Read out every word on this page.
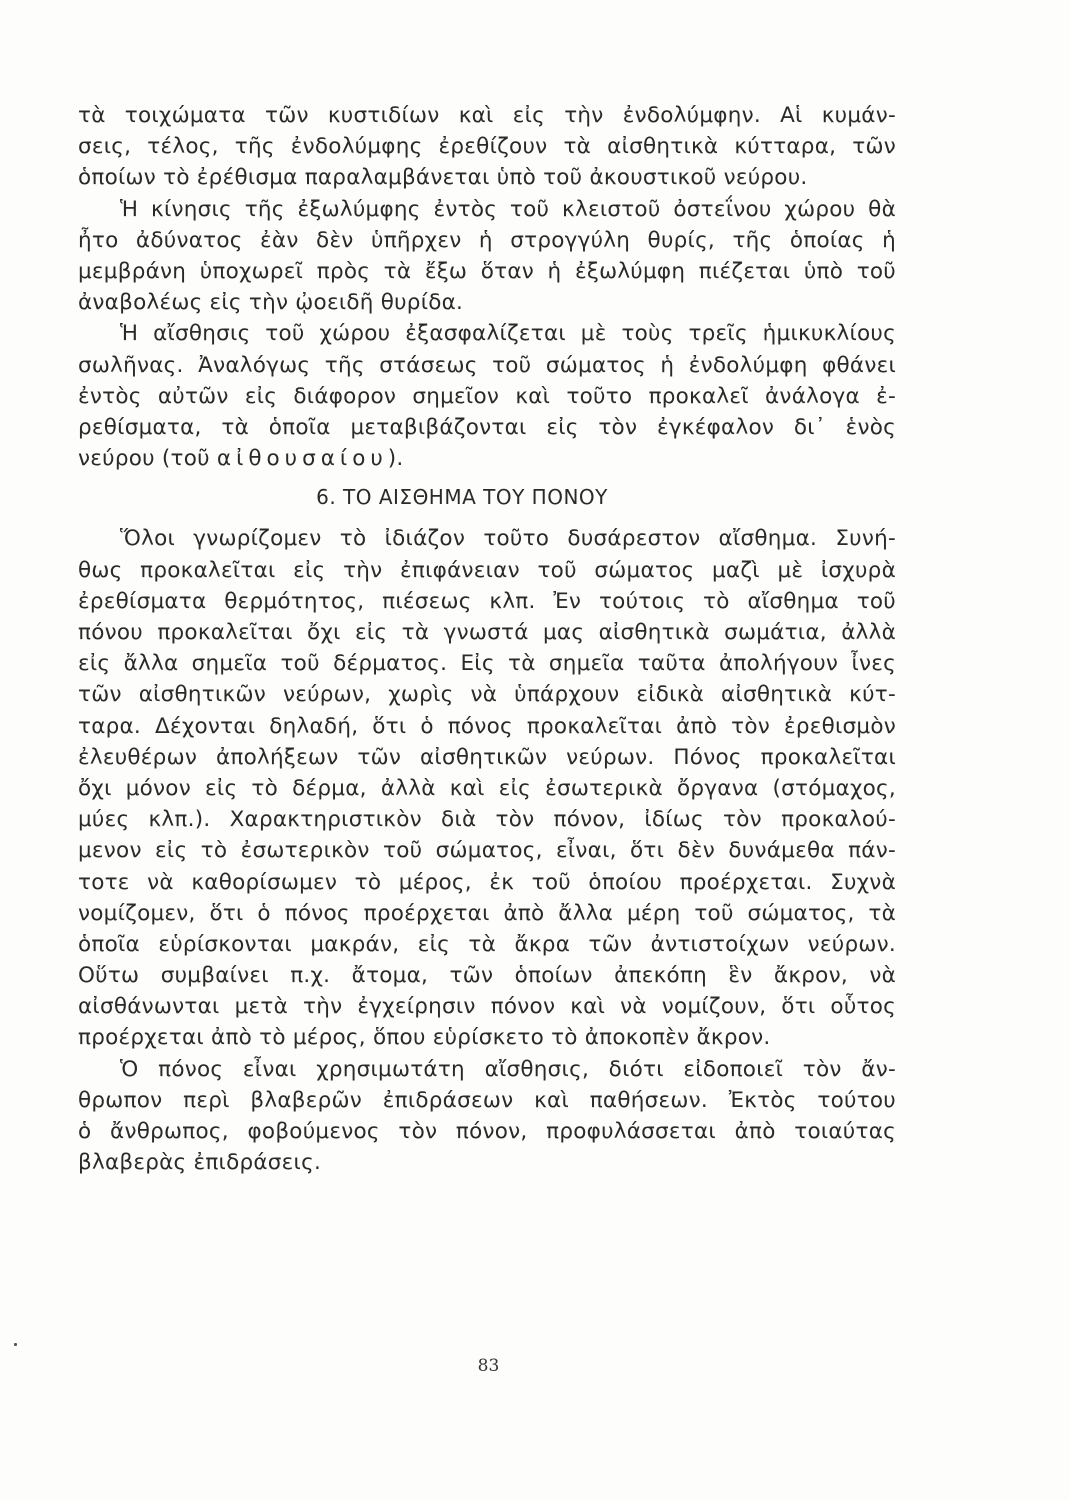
τὰ τοιχώματα τῶν κυστιδίων καὶ εἰς τὴν ἐνδολύμφην. Αἱ κυμάν-
σεις, τέλος, τῆς ἐνδολύμφης ἐρεθίζουν τὰ αἰσθητικὰ κύτταρα, τῶν
ὁποίων τὸ ἐρέθισμα παραλαμβάνεται ὑπὸ τοῦ ἀκουστικοῦ νεύρου.
Ἡ κίνησις τῆς ἐξωλύμφης ἐντὸς τοῦ κλειστοῦ ὀστεΐνου χώρου θὰ
ἦτο ἀδύνατος ἐὰν δὲν ὑπῆρχεν ἡ στρογγύλη θυρίς, τῆς ὁποίας ἡ
μεμβράνη ὑποχωρεῖ πρὸς τὰ ἔξω ὅταν ἡ ἐξωλύμφη πιέζεται ὑπὸ τοῦ
ἀναβολέως εἰς τὴν ᾠοειδῆ θυρίδα.
Ἡ αἴσθησις τοῦ χώρου ἐξασφαλίζεται μὲ τοὺς τρεῖς ἡμικυκλίους
σωλῆνας. Ἀναλόγως τῆς στάσεως τοῦ σώματος ἡ ἐνδολύμφη φθάνει
ἐντὸς αὐτῶν εἰς διάφορον σημεῖον καὶ τοῦτο προκαλεῖ ἀνάλογα ἐ-
ρεθίσματα, τὰ ὁποῖα μεταβιβάζονται εἰς τὸν ἐγκέφαλον δι᾽ ἑνὸς
νεύρου (τοῦ αἰθουσαίου).
6. ΤΟ ΑΙΣΘΗΜΑ ΤΟΥ ΠΟΝΟΥ
Ὅλοι γνωρίζομεν τὸ ἰδιάζον τοῦτο δυσάρεστον αἴσθημα. Συνή-
θως προκαλεῖται εἰς τὴν ἐπιφάνειαν τοῦ σώματος μαζὶ μὲ ἰσχυρὰ
ἐρεθίσματα θερμότητος, πιέσεως κλπ. Ἐν τούτοις τὸ αἴσθημα τοῦ
πόνου προκαλεῖται ὄχι εἰς τὰ γνωστά μας αἰσθητικὰ σωμάτια, ἀλλὰ
εἰς ἄλλα σημεῖα τοῦ δέρματος. Εἰς τὰ σημεῖα ταῦτα ἀπολήγουν ἶνες
τῶν αἰσθητικῶν νεύρων, χωρὶς νὰ ὑπάρχουν εἰδικὰ αἰσθητικὰ κύτ-
ταρα. Δέχονται δηλαδή, ὅτι ὁ πόνος προκαλεῖται ἀπὸ τὸν ἐρεθισμὸν
ἐλευθέρων ἀπολήξεων τῶν αἰσθητικῶν νεύρων. Πόνος προκαλεῖται
ὄχι μόνον εἰς τὸ δέρμα, ἀλλὰ καὶ εἰς ἐσωτερικὰ ὄργανα (στόμαχος,
μύες κλπ.). Χαρακτηριστικὸν διὰ τὸν πόνον, ἰδίως τὸν προκαλού-
μενον εἰς τὸ ἐσωτερικὸν τοῦ σώματος, εἶναι, ὅτι δὲν δυνάμεθα πάν-
τοτε νὰ καθορίσωμεν τὸ μέρος, ἐκ τοῦ ὁποίου προέρχεται. Συχνὰ
νομίζομεν, ὅτι ὁ πόνος προέρχεται ἀπὸ ἄλλα μέρη τοῦ σώματος, τὰ
ὁποῖα εὑρίσκονται μακράν, εἰς τὰ ἄκρα τῶν ἀντιστοίχων νεύρων.
Οὕτω συμβαίνει π.χ. ἄτομα, τῶν ὁποίων ἀπεκόπη ἓν ἄκρον, νὰ
αἰσθάνωνται μετὰ τὴν ἐγχείρησιν πόνον καὶ νὰ νομίζουν, ὅτι οὗτος
προέρχεται ἀπὸ τὸ μέρος, ὅπου εὑρίσκετο τὸ ἀποκοπὲν ἄκρον.
Ὁ πόνος εἶναι χρησιμωτάτη αἴσθησις, διότι εἰδοποιεῖ τὸν ἄν-
θρωπον περὶ βλαβερῶν ἐπιδράσεων καὶ παθήσεων. Ἐκτὸς τούτου
ὁ ἄνθρωπος, φοβούμενος τὸν πόνον, προφυλάσσεται ἀπὸ τοιαύτας
βλαβερὰς ἐπιδράσεις.
83
